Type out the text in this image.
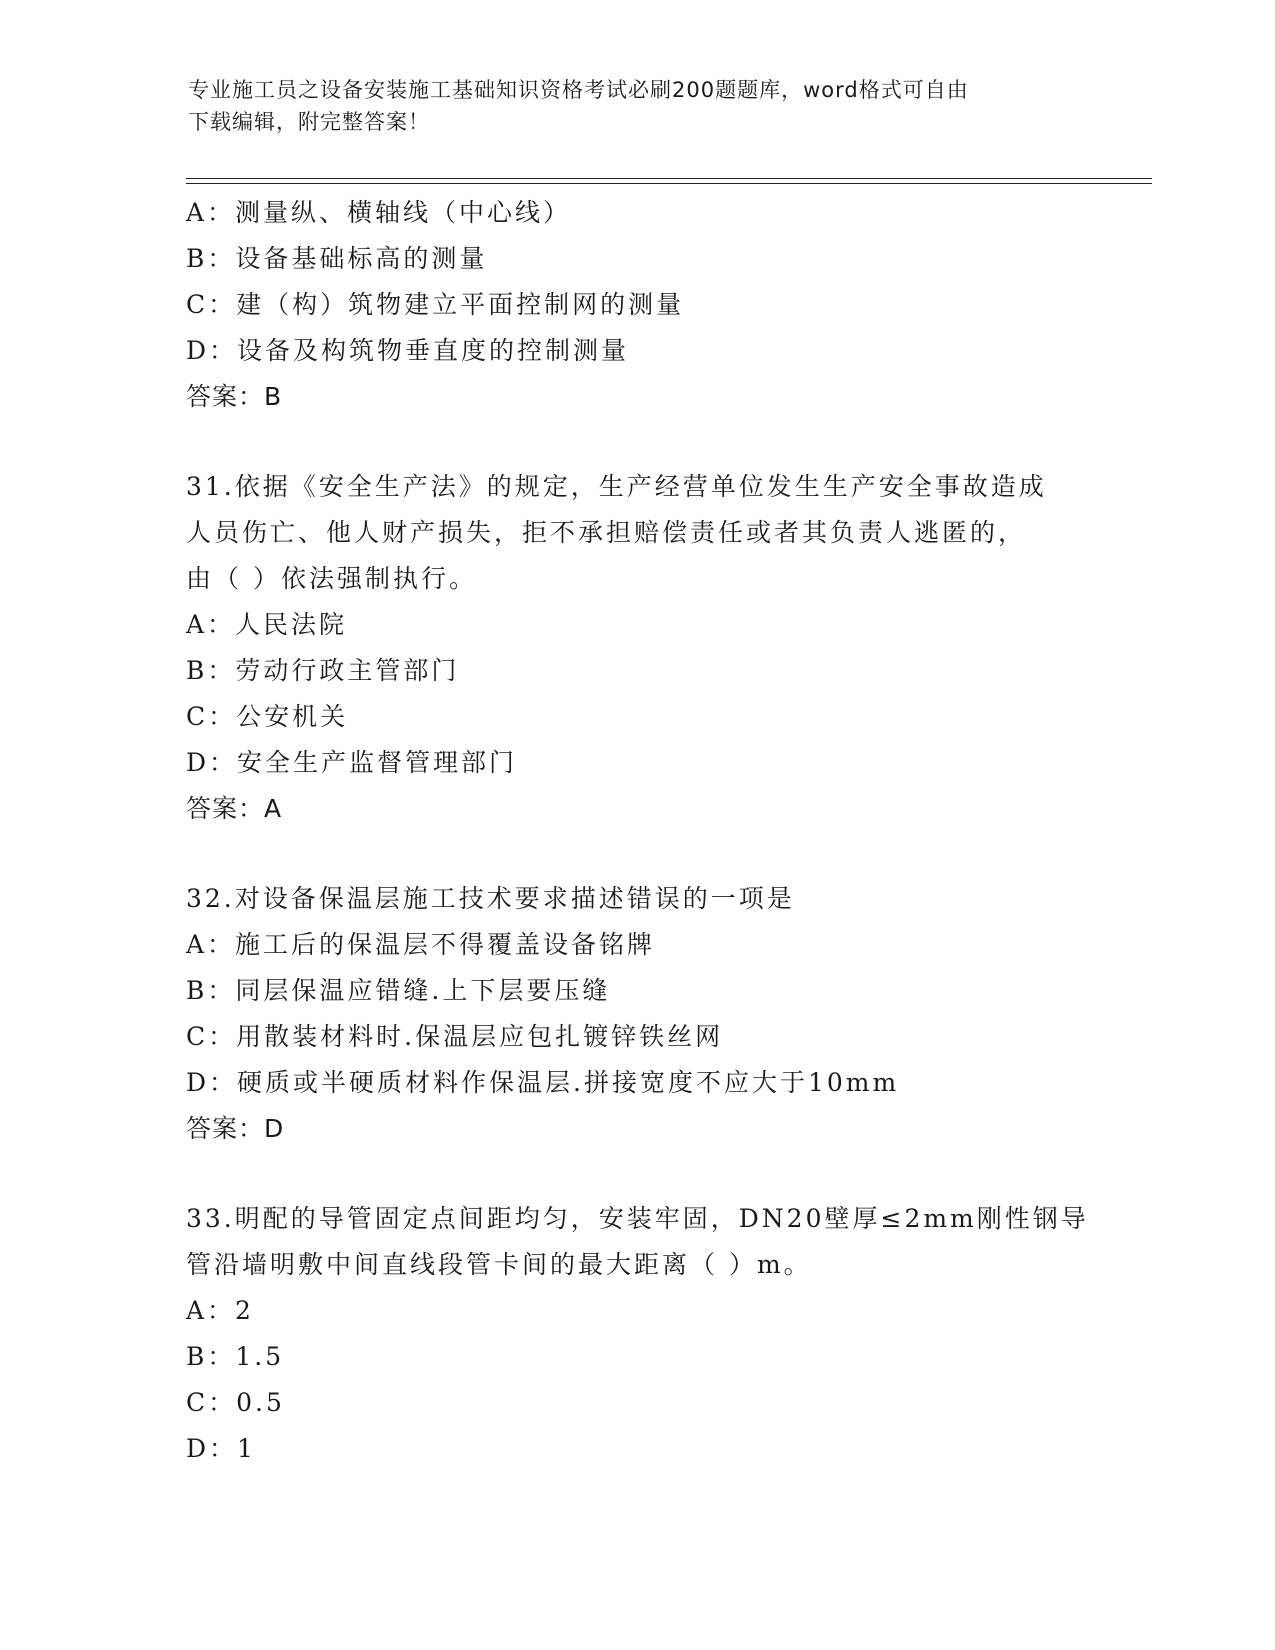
专业施工员之设备安装施工基础知识资格考试必刷200题题库，word格式可自由
下载编辑，附完整答案！
A：测量纵、横轴线（中心线）
B：设备基础标高的测量
C：建（构）筑物建立平面控制网的测量
D：设备及构筑物垂直度的控制测量
答案：B
31.依据《安全生产法》的规定，生产经营单位发生生产安全事故造成
人员伤亡、他人财产损失，拒不承担赔偿责任或者其负责人逃匿的，
由（ ）依法强制执行。
A：人民法院
B：劳动行政主管部门
C：公安机关
D：安全生产监督管理部门
答案：A
32.对设备保温层施工技术要求描述错误的一项是
A：施工后的保温层不得覆盖设备铭牌
B：同层保温应错缝.上下层要压缝
C：用散装材料时.保温层应包扎镀锌铁丝网
D：硬质或半硬质材料作保温层.拼接宽度不应大于10mm
答案：D
33.明配的导管固定点间距均匀，安装牢固，DN20壁厚≤2mm刚性钢导
管沿墙明敷中间直线段管卡间的最大距离（ ）m。
A：2
B：1.5
C：0.5
D：1
